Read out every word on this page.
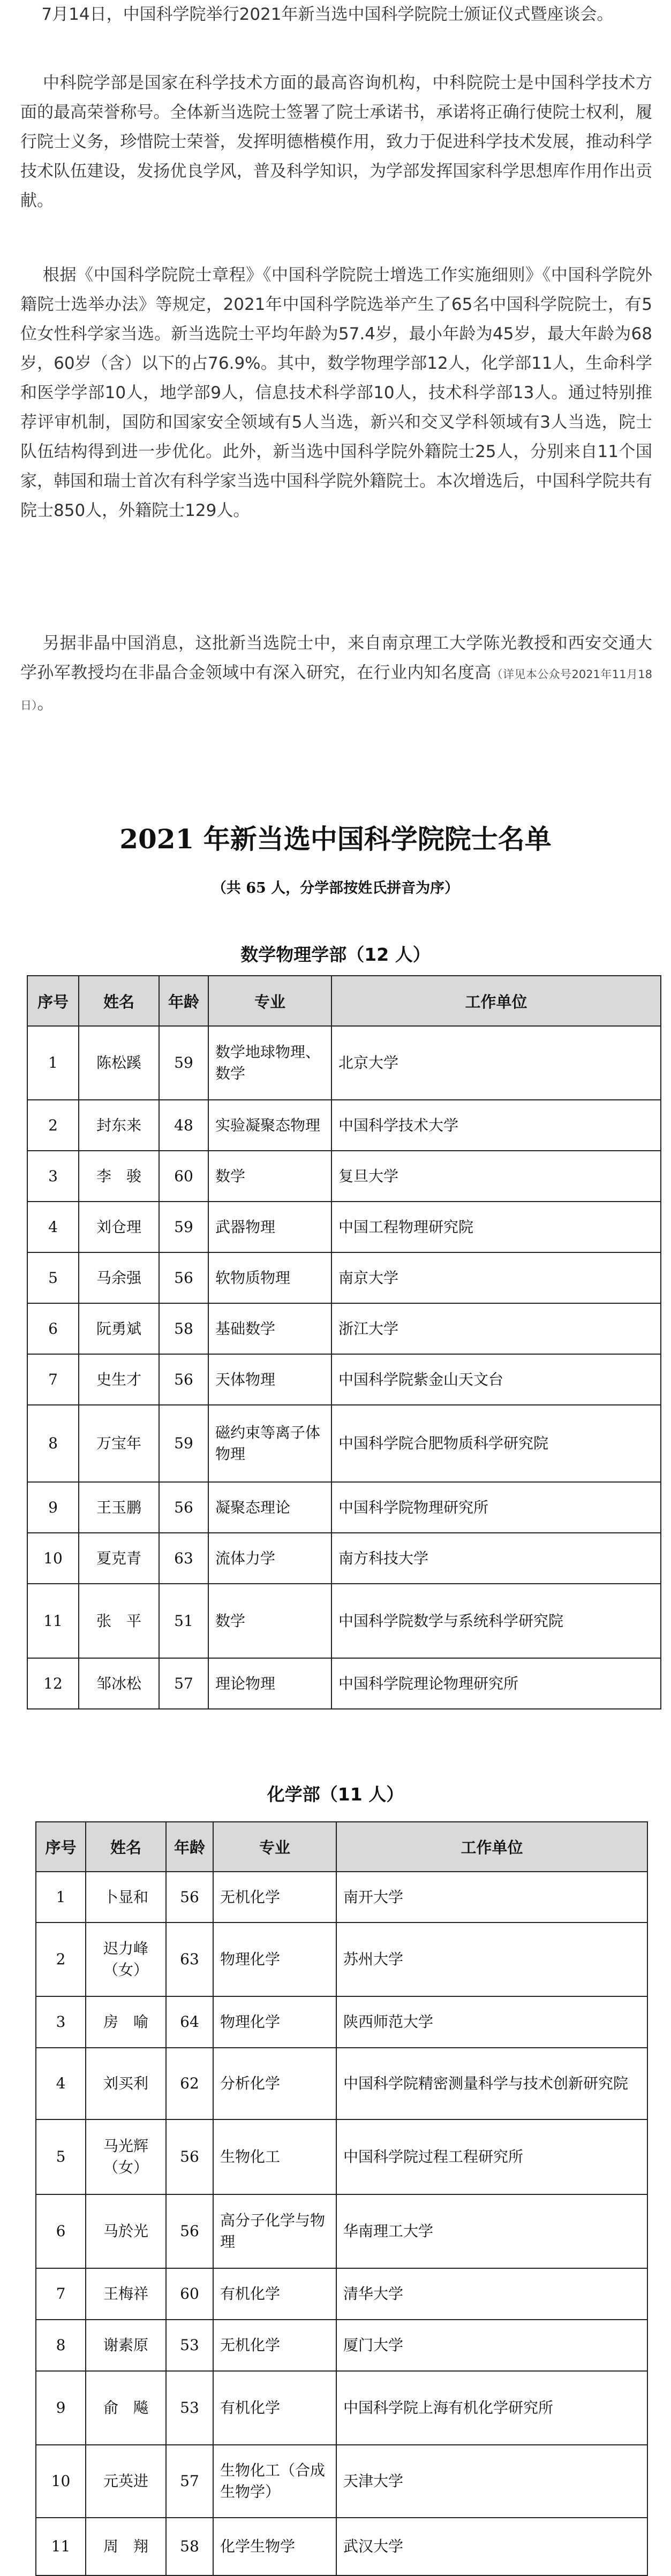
7月14日，中国科学院举行2021年新当选中国科学院院士颁证仪式暨座谈会。
中科院学部是国家在科学技术方面的最高咨询机构，中科院院士是中国科学技术方面的最高荣誉称号。全体新当选院士签署了院士承诺书，承诺将正确行使院士权利，履行院士义务，珍惜院士荣誉，发挥明德楷模作用，致力于促进科学技术发展，推动科学技术队伍建设，发扬优良学风，普及科学知识，为学部发挥国家科学思想库作用作出贡献。
根据《中国科学院院士章程》《中国科学院院士增选工作实施细则》《中国科学院外籍院士选举办法》等规定，2021年中国科学院选举产生了65名中国科学院院士，有5位女性科学家当选。新当选院士平均年龄为57.4岁，最小年龄为45岁，最大年龄为68岁，60岁（含）以下的占76.9%。其中，数学物理学部12人，化学部11人，生命科学和医学学部10人，地学部9人，信息技术科学部10人，技术科学部13人。通过特别推荐评审机制，国防和国家安全领域有5人当选，新兴和交叉学科领域有3人当选，院士队伍结构得到进一步优化。此外，新当选中国科学院外籍院士25人，分别来自11个国家，韩国和瑞士首次有科学家当选中国科学院外籍院士。本次增选后，中国科学院共有院士850人，外籍院士129人。
另据非晶中国消息，这批新当选院士中，来自南京理工大学陈光教授和西安交通大学孙军教授均在非晶合金领域中有深入研究，在行业内知名度高（详见本公众号2021年11月18日）。
2021 年新当选中国科学院院士名单
（共 65 人，分学部按姓氏拼音为序）
数学物理学部（12 人）
序号	姓名	年龄	专业	工作单位
1	陈松蹊	59	数学地球物理、数学	北京大学
2	封东来	48	实验凝聚态物理	中国科学技术大学
3	李　骏	60	数学	复旦大学
4	刘仓理	59	武器物理	中国工程物理研究院
5	马余强	56	软物质物理	南京大学
6	阮勇斌	58	基础数学	浙江大学
7	史生才	56	天体物理	中国科学院紫金山天文台
8	万宝年	59	磁约束等离子体物理	中国科学院合肥物质科学研究院
9	王玉鹏	56	凝聚态理论	中国科学院物理研究所
10	夏克青	63	流体力学	南方科技大学
11	张　平	51	数学	中国科学院数学与系统科学研究院
12	邹冰松	57	理论物理	中国科学院理论物理研究所
化学部（11 人）
序号	姓名	年龄	专业	工作单位
1	卜显和	56	无机化学	南开大学
2	迟力峰（女）	63	物理化学	苏州大学
3	房　喻	64	物理化学	陕西师范大学
4	刘买利	62	分析化学	中国科学院精密测量科学与技术创新研究院
5	马光辉（女）	56	生物化工	中国科学院过程工程研究所
6	马於光	56	高分子化学与物理	华南理工大学
7	王梅祥	60	有机化学	清华大学
8	谢素原	53	无机化学	厦门大学
9	俞　飚	53	有机化学	中国科学院上海有机化学研究所
10	元英进	57	生物化工（合成生物学）	天津大学
11	周　翔	58	化学生物学	武汉大学
